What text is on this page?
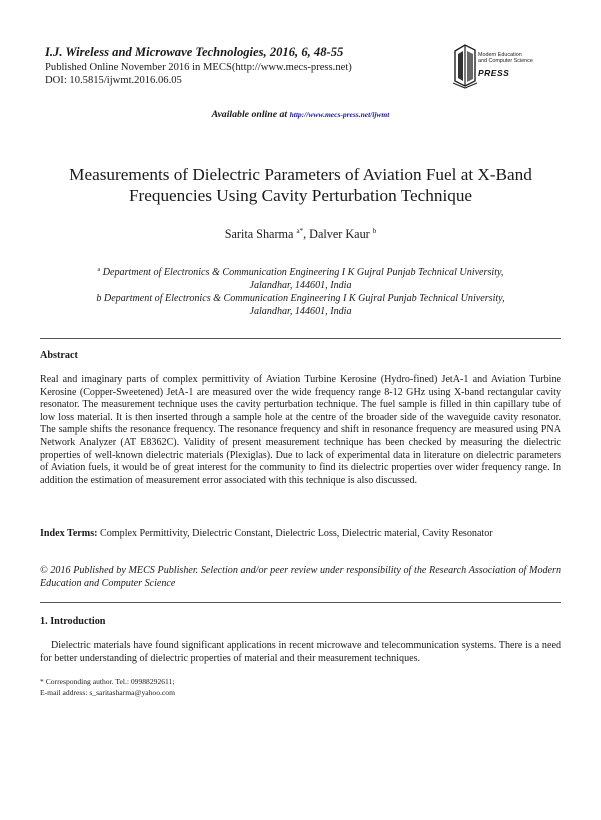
I.J. Wireless and Microwave Technologies, 2016, 6, 48-55
Published Online November 2016 in MECS(http://www.mecs-press.net)
DOI: 10.5815/ijwmt.2016.06.05
Modern Education
and Computer Science
PRESS
Available online at http://www.mecs-press.net/ijwmt
Measurements of Dielectric Parameters of Aviation Fuel at X-Band
Frequencies Using Cavity Perturbation Technique
Sarita Sharma $^{a*}$, Dalver Kaur $^b$
$^a$ Department of Electronics & Communication Engineering I K Gujral Punjab Technical University,
Jalandhar, 144601, India
b Department of Electronics & Communication Engineering I K Gujral Punjab Technical University,
Jalandhar, 144601, India
Abstract
Real and imaginary parts of complex permittivity of Aviation Turbine Kerosine (Hydro-fined) JetA-1 and Aviation Turbine Kerosine (Copper-Sweetened) JetA-1 are measured over the wide frequency range 8-12 GHz using X-band rectangular cavity resonator. The measurement technique uses the cavity perturbation technique. The fuel sample is filled in thin capillary tube of low loss material. It is then inserted through a sample hole at the centre of the broader side of the waveguide cavity resonator. The sample shifts the resonance frequency. The resonance frequency and shift in resonance frequency are measured using PNA Network Analyzer (AT E8362C). Validity of present measurement technique has been checked by measuring the dielectric properties of well-known dielectric materials (Plexiglas). Due to lack of experimental data in literature on dielectric parameters of Aviation fuels, it would be of great interest for the community to find its dielectric properties over wider frequency range. In addition the estimation of measurement error associated with this technique is also discussed.
Index Terms: Complex Permittivity, Dielectric Constant, Dielectric Loss, Dielectric material, Cavity Resonator
© 2016 Published by MECS Publisher. Selection and/or peer review under responsibility of the Research Association of Modern Education and Computer Science
1. Introduction
Dielectric materials have found significant applications in recent microwave and telecommunication systems. There is a need for better understanding of dielectric properties of material and their measurement techniques.
* Corresponding author. Tel.: 09988292611;
E-mail address: s_saritasharma@yahoo.com
